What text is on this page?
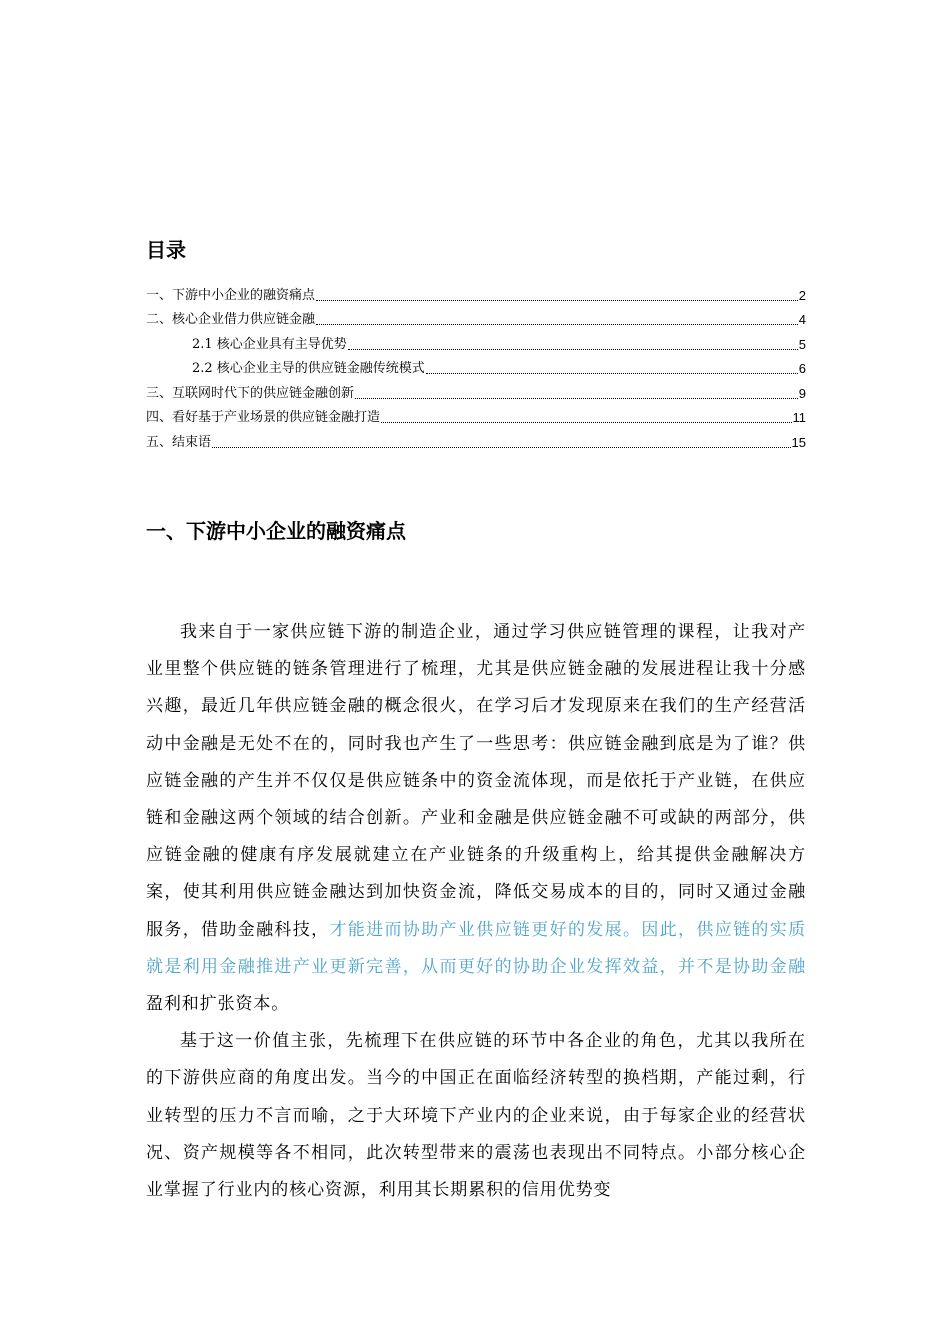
目录
一、下游中小企业的融资痛点	2
二、核心企业借力供应链金融	4
2.1 核心企业具有主导优势	5
2.2 核心企业主导的供应链金融传统模式	6
三、互联网时代下的供应链金融创新	9
四、看好基于产业场景的供应链金融打造	11
五、结束语	15
一、下游中小企业的融资痛点

我来自于一家供应链下游的制造企业，通过学习供应链管理的课程，让我对产业里整个供应链的链条管理进行了梳理，尤其是供应链金融的发展进程让我十分感兴趣，最近几年供应链金融的概念很火，在学习后才发现原来在我们的生产经营活动中金融是无处不在的，同时我也产生了一些思考：供应链金融到底是为了谁？供应链金融的产生并不仅仅是供应链条中的资金流体现，而是依托于产业链，在供应链和金融这两个领域的结合创新。产业和金融是供应链金融不可或缺的两部分，供应链金融的健康有序发展就建立在产业链条的升级重构上，给其提供金融解决方案，使其利用供应链金融达到加快资金流，降低交易成本的目的，同时又通过金融服务，借助金融科技，才能进而协助产业供应链更好的发展。因此，供应链的实质就是利用金融推进产业更新完善，从而更好的协助企业发挥效益，并不是协助金融盈利和扩张资本。

基于这一价值主张，先梳理下在供应链的环节中各企业的角色，尤其以我所在的下游供应商的角度出发。当今的中国正在面临经济转型的换档期，产能过剩，行业转型的压力不言而喻，之于大环境下产业内的企业来说，由于每家企业的经营状况、资产规模等各不相同，此次转型带来的震荡也表现出不同特点。小部分核心企业掌握了行业内的核心资源，利用其长期累积的信用优势变
